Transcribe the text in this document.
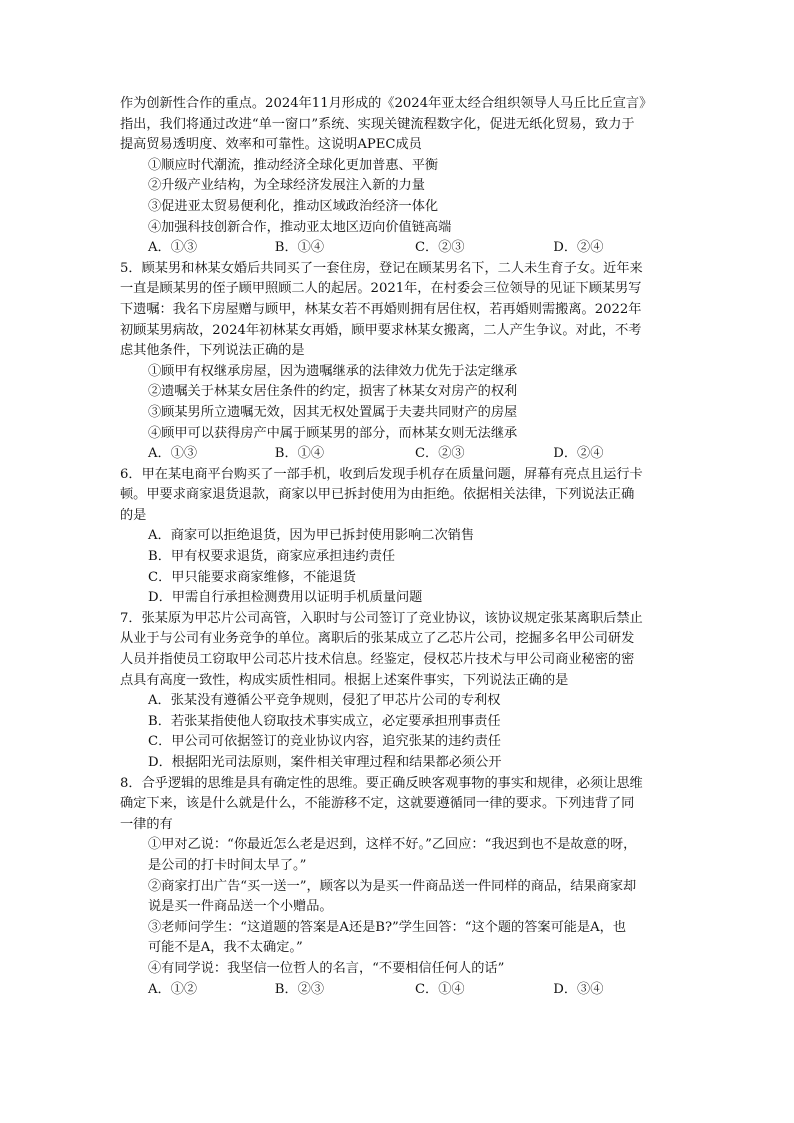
作为创新性合作的重点。2024年11月形成的《2024年亚太经合组织领导人马丘比丘宣言》

指出，我们将通过改进“单一窗口”系统、实现关键流程数字化，促进无纸化贸易，致力于

提高贸易透明度、效率和可靠性。这说明APEC成员

①顺应时代潮流，推动经济全球化更加普惠、平衡

②升级产业结构，为全球经济发展注入新的力量

③促进亚太贸易便利化，推动区域政治经济一体化

④加强科技创新合作，推动亚太地区迈向价值链高端

A．①③	B．①④	C．②③	D．②④

5．顾某男和林某女婚后共同买了一套住房，登记在顾某男名下，二人未生育子女。近年来

一直是顾某男的侄子顾甲照顾二人的起居。2021年，在村委会三位领导的见证下顾某男写

下遗嘱：我名下房屋赠与顾甲，林某女若不再婚则拥有居住权，若再婚则需搬离。2022年

初顾某男病故，2024年初林某女再婚，顾甲要求林某女搬离，二人产生争议。对此，不考

虑其他条件，下列说法正确的是

①顾甲有权继承房屋，因为遗嘱继承的法律效力优先于法定继承

②遗嘱关于林某女居住条件的约定，损害了林某女对房产的权利

③顾某男所立遗嘱无效，因其无权处置属于夫妻共同财产的房屋

④顾甲可以获得房产中属于顾某男的部分，而林某女则无法继承

A．①③	B．①④	C．②③	D．②④

6．甲在某电商平台购买了一部手机，收到后发现手机存在质量问题，屏幕有亮点且运行卡

顿。甲要求商家退货退款，商家以甲已拆封使用为由拒绝。依据相关法律，下列说法正确

的是

A．商家可以拒绝退货，因为甲已拆封使用影响二次销售

B．甲有权要求退货，商家应承担违约责任

C．甲只能要求商家维修，不能退货

D．甲需自行承担检测费用以证明手机质量问题

7．张某原为甲芯片公司高管，入职时与公司签订了竞业协议，该协议规定张某离职后禁止

从业于与公司有业务竞争的单位。离职后的张某成立了乙芯片公司，挖掘多名甲公司研发

人员并指使员工窃取甲公司芯片技术信息。经鉴定，侵权芯片技术与甲公司商业秘密的密

点具有高度一致性，构成实质性相同。根据上述案件事实，下列说法正确的是

A．张某没有遵循公平竞争规则，侵犯了甲芯片公司的专利权

B．若张某指使他人窃取技术事实成立，必定要承担刑事责任

C．甲公司可依据签订的竞业协议内容，追究张某的违约责任

D．根据阳光司法原则，案件相关审理过程和结果都必须公开

8．合乎逻辑的思维是具有确定性的思维。要正确反映客观事物的事实和规律，必须让思维

确定下来，该是什么就是什么，不能游移不定，这就要遵循同一律的要求。下列违背了同

一律的有

①甲对乙说：“你最近怎么老是迟到，这样不好。”乙回应：“我迟到也不是故意的呀，

是公司的打卡时间太早了。”

②商家打出广告“买一送一”，顾客以为是买一件商品送一件同样的商品，结果商家却

说是买一件商品送一个小赠品。

③老师问学生：“这道题的答案是A还是B?”学生回答：“这个题的答案可能是A，也

可能不是A，我不太确定。”

④有同学说：我坚信一位哲人的名言，“不要相信任何人的话”

A．①②	B．②③	C．①④	D．③④
